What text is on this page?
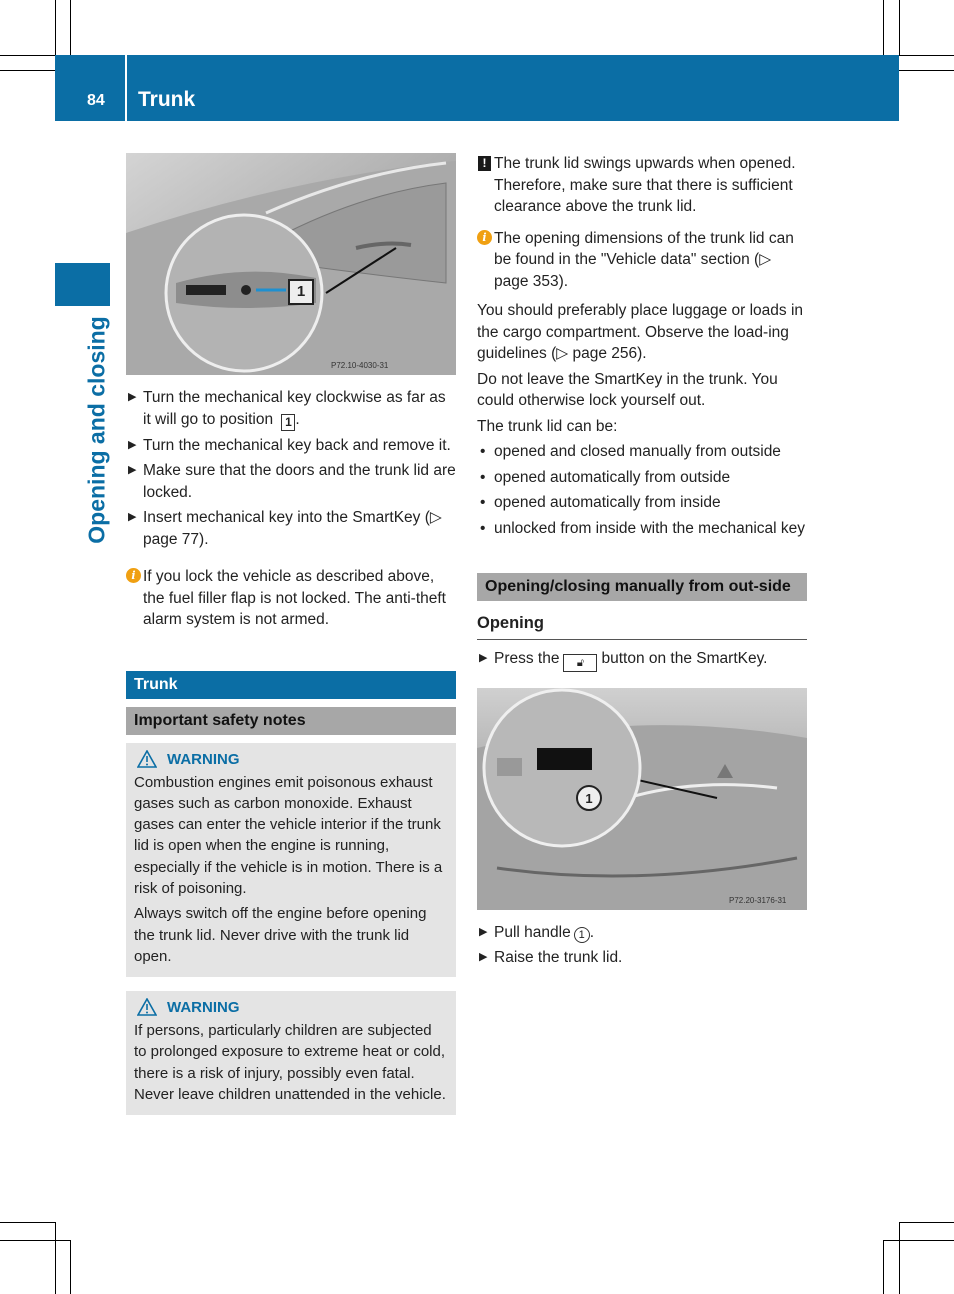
84 Trunk
Opening and closing	P72.10-4030-31
1
▶ Turn the mechanical key clockwise as far as it will go to position 1 .
▶ Turn the mechanical key back and remove it.
▶ Make sure that the doors and the trunk lid are locked.
▶ Insert mechanical key into the SmartKey (▷ page 77).
i If you lock the vehicle as described above, the fuel filler flap is not locked. The anti-theft alarm system is not armed.
Trunk
Important safety notes
WARNING

Combustion engines emit poisonous exhaust gases such as carbon monoxide. Exhaust gases can enter the vehicle interior if the trunk lid is open when the engine is running, especially if the vehicle is in motion. There is a risk of poisoning.

Always switch off the engine before opening the trunk lid. Never drive with the trunk lid open.

WARNING

If persons, particularly children are subjected to prolonged exposure to extreme heat or cold, there is a risk of injury, possibly even fatal. Never leave children unattended in the vehicle.

! The trunk lid swings upwards when opened. Therefore, make sure that there is sufficient clearance above the trunk lid.
i The opening dimensions of the trunk lid can be found in the "Vehicle data" section (▷ page 353).

You should preferably place luggage or loads in the cargo compartment. Observe the load-ing guidelines (▷ page 256).

Do not leave the SmartKey in the trunk. You could otherwise lock yourself out.

The trunk lid can be:

• opened and closed manually from outside
• opened automatically from outside
• opened automatically from inside
• unlocked from inside with the mechanical key
Opening/closing manually from out-side
Opening
▶ Press the 🔓︎ button on the SmartKey.
1
P72.20-3176-31
▶ Pull handle 1 .
▶ Raise the trunk lid.
